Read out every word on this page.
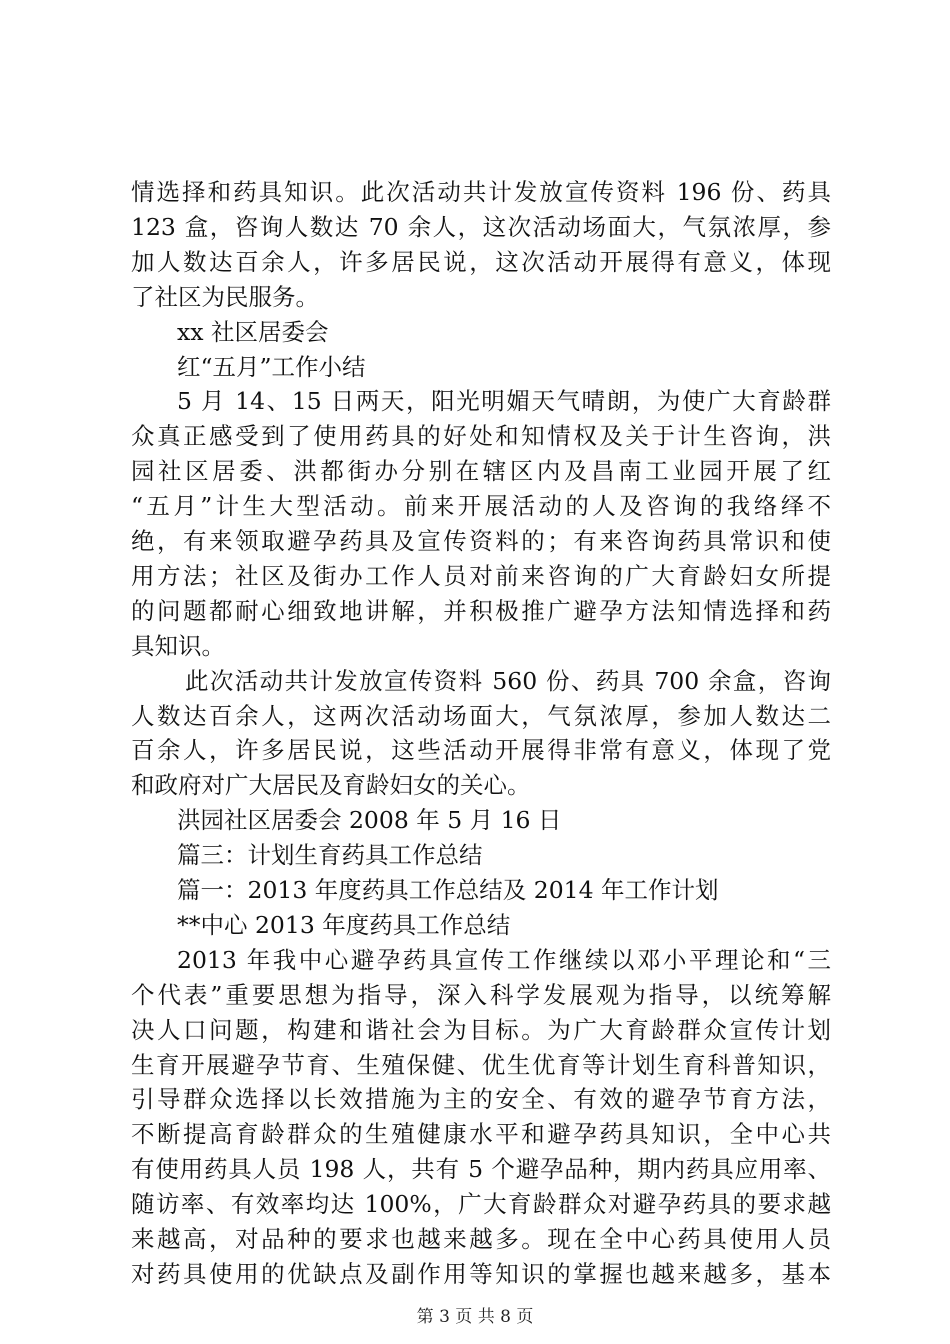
情选择和药具知识。此次活动共计发放宣传资料 196 份、药具
123 盒，咨询人数达 70 余人，这次活动场面大，气氛浓厚，参
加人数达百余人，许多居民说，这次活动开展得有意义，体现
了社区为民服务。
xx 社区居委会
红“五月”工作小结
5 月 14、15 日两天，阳光明媚天气晴朗，为使广大育龄群
众真正感受到了使用药具的好处和知情权及关于计生咨询，洪
园社区居委、洪都街办分别在辖区内及昌南工业园开展了红
“五月”计生大型活动。前来开展活动的人及咨询的我络绎不
绝，有来领取避孕药具及宣传资料的；有来咨询药具常识和使
用方法；社区及街办工作人员对前来咨询的广大育龄妇女所提
的问题都耐心细致地讲解，并积极推广避孕方法知情选择和药
具知识。
此次活动共计发放宣传资料 560 份、药具 700 余盒，咨询
人数达百余人，这两次活动场面大，气氛浓厚，参加人数达二
百余人，许多居民说，这些活动开展得非常有意义，体现了党
和政府对广大居民及育龄妇女的关心。
洪园社区居委会 2008 年 5 月 16 日
篇三：计划生育药具工作总结
篇一：2013 年度药具工作总结及 2014 年工作计划
**中心 2013 年度药具工作总结
2013 年我中心避孕药具宣传工作继续以邓小平理论和“三
个代表”重要思想为指导，深入科学发展观为指导，以统筹解
决人口问题，构建和谐社会为目标。为广大育龄群众宣传计划
生育开展避孕节育、生殖保健、优生优育等计划生育科普知识，
引导群众选择以长效措施为主的安全、有效的避孕节育方法，
不断提高育龄群众的生殖健康水平和避孕药具知识，全中心共
有使用药具人员 198 人，共有 5 个避孕品种，期内药具应用率、
随访率、有效率均达 100%，广大育龄群众对避孕药具的要求越
来越高，对品种的要求也越来越多。现在全中心药具使用人员
对药具使用的优缺点及副作用等知识的掌握也越来越多，基本
第 3 页 共 8 页
